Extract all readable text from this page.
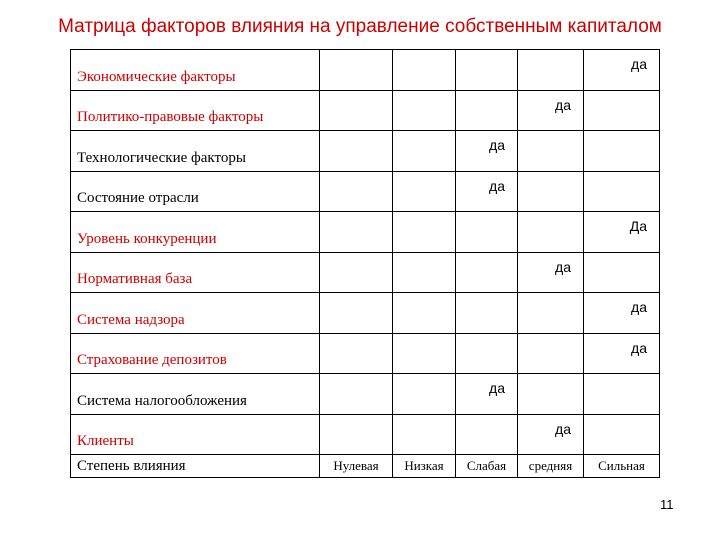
Матрица факторов влияния на управление собственным капиталом
Экономические факторы					да

Политико-правовые факторы				да	

Технологические факторы			да		

Состояние отрасли			да		

Уровень конкуренции					Да

Нормативная база				да	

Система надзора					да

Страхование депозитов					да

Система налогообложения			да		

Клиенты				да	

Степень влияния	Нулевая	Низкая	Слабая	средняя	Сильная
11
